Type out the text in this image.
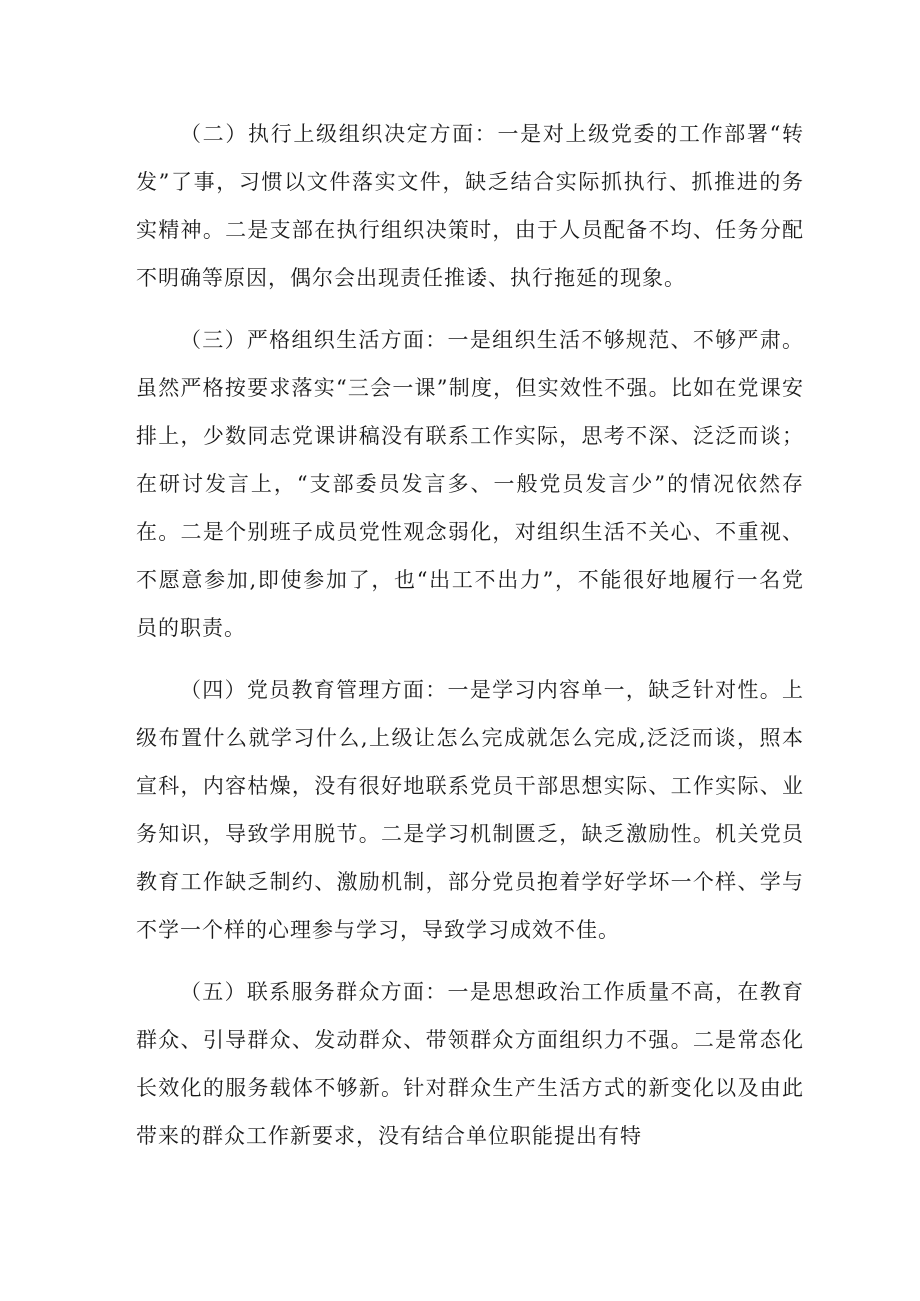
（二）执行上级组织决定方面：一是对上级党委的工作部署“转发”了事，习惯以文件落实文件，缺乏结合实际抓执行、抓推进的务实精神。二是支部在执行组织决策时，由于人员配备不均、任务分配不明确等原因，偶尔会出现责任推诿、执行拖延的现象。

（三）严格组织生活方面：一是组织生活不够规范、不够严肃。虽然严格按要求落实“三会一课”制度，但实效性不强。比如在党课安排上，少数同志党课讲稿没有联系工作实际，思考不深、泛泛而谈；在研讨发言上，“支部委员发言多、一般党员发言少”的情况依然存在。二是个别班子成员党性观念弱化，对组织生活不关心、不重视、不愿意参加,即使参加了，也“出工不出力”，不能很好地履行一名党员的职责。

（四）党员教育管理方面：一是学习内容单一，缺乏针对性。上级布置什么就学习什么,上级让怎么完成就怎么完成,泛泛而谈，照本宣科，内容枯燥，没有很好地联系党员干部思想实际、工作实际、业务知识，导致学用脱节。二是学习机制匮乏，缺乏激励性。机关党员教育工作缺乏制约、激励机制，部分党员抱着学好学坏一个样、学与不学一个样的心理参与学习，导致学习成效不佳。

（五）联系服务群众方面：一是思想政治工作质量不高，在教育群众、引导群众、发动群众、带领群众方面组织力不强。二是常态化长效化的服务载体不够新。针对群众生产生活方式的新变化以及由此带来的群众工作新要求，没有结合单位职能提出有特
